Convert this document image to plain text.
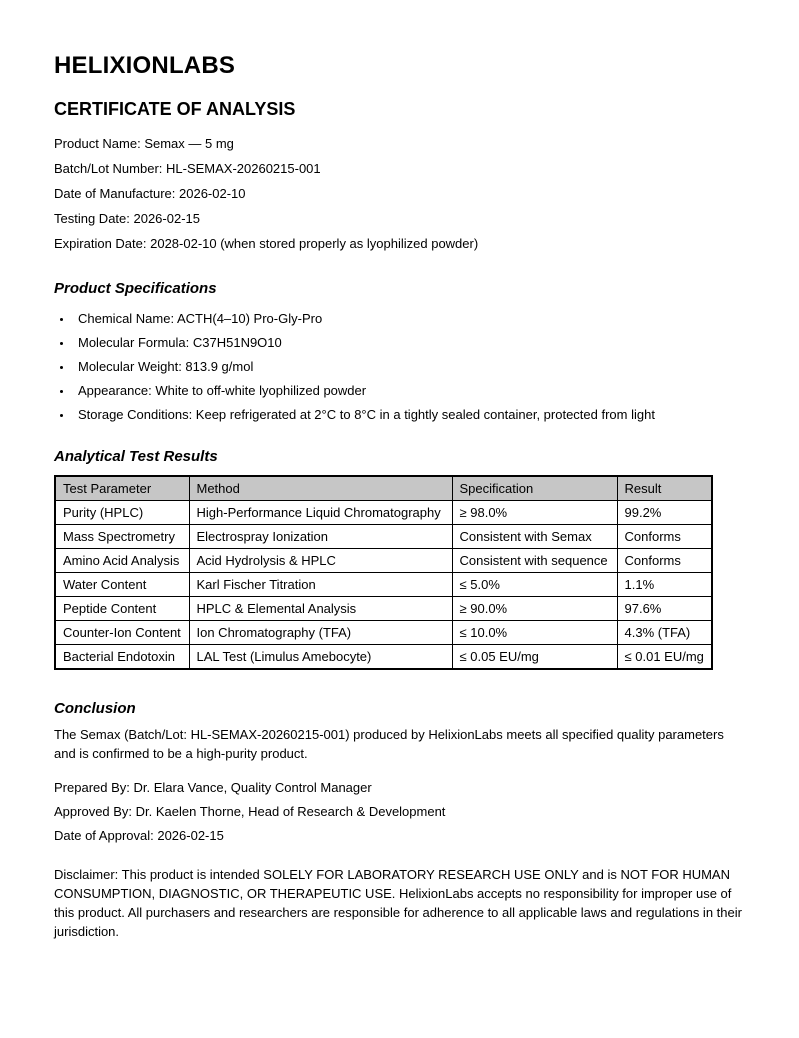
HELIXIONLABS
CERTIFICATE OF ANALYSIS

Product Name: Semax — 5 mg

Batch/Lot Number: HL-SEMAX-20260215-001

Date of Manufacture: 2026-02-10

Testing Date: 2026-02-15

Expiration Date: 2028-02-10 (when stored properly as lyophilized powder)

Product Specifications
Chemical Name: ACTH(4–10) Pro-Gly-Pro
Molecular Formula: C37H51N9O10
Molecular Weight: 813.9 g/mol
Appearance: White to off-white lyophilized powder
Storage Conditions: Keep refrigerated at 2°C to 8°C in a tightly sealed container, protected from light
Analytical Test Results
Test Parameter	Method	Specification	Result
Purity (HPLC)	High-Performance Liquid Chromatography	≥ 98.0%	99.2%
Mass Spectrometry	Electrospray Ionization	Consistent with Semax	Conforms
Amino Acid Analysis	Acid Hydrolysis & HPLC	Consistent with sequence	Conforms
Water Content	Karl Fischer Titration	≤ 5.0%	1.1%
Peptide Content	HPLC & Elemental Analysis	≥ 90.0%	97.6%
Counter-Ion Content	Ion Chromatography (TFA)	≤ 10.0%	4.3% (TFA)
Bacterial Endotoxin	LAL Test (Limulus Amebocyte)	≤ 0.05 EU/mg	≤ 0.01 EU/mg
Conclusion

The Semax (Batch/Lot: HL-SEMAX-20260215-001) produced by HelixionLabs meets all specified quality parameters and is confirmed to be a high-purity product.

Prepared By: Dr. Elara Vance, Quality Control Manager

Approved By: Dr. Kaelen Thorne, Head of Research & Development

Date of Approval: 2026-02-15

Disclaimer: This product is intended SOLELY FOR LABORATORY RESEARCH USE ONLY and is NOT FOR HUMAN CONSUMPTION, DIAGNOSTIC, OR THERAPEUTIC USE. HelixionLabs accepts no responsibility for improper use of this product. All purchasers and researchers are responsible for adherence to all applicable laws and regulations in their jurisdiction.
